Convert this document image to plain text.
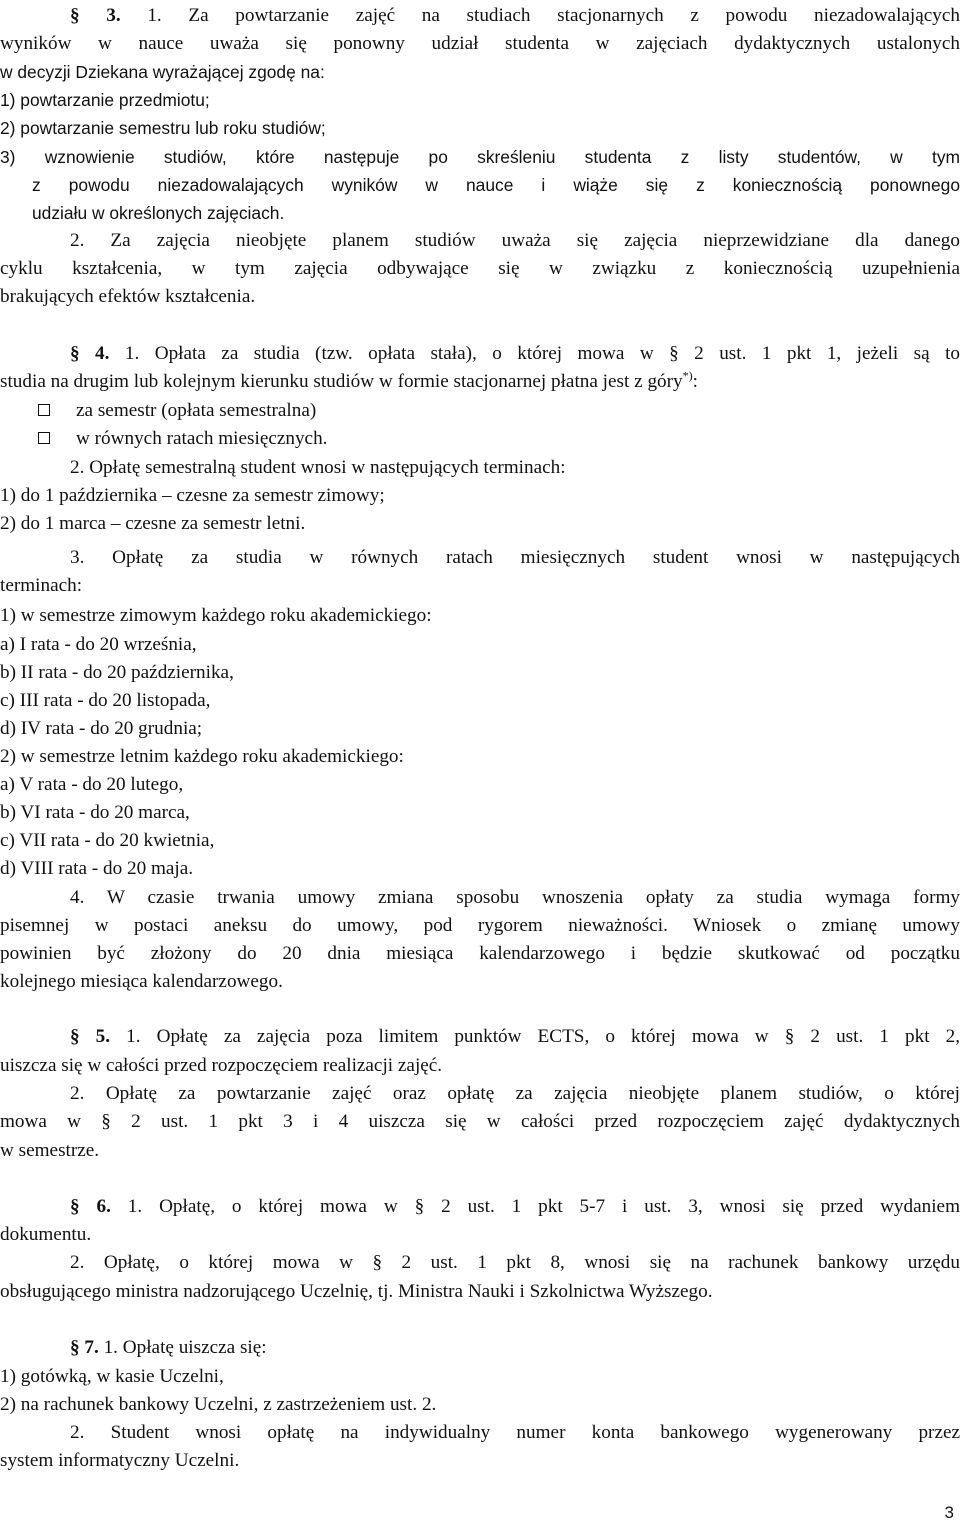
§ 3. 1. Za powtarzanie zajęć na studiach stacjonarnych z powodu niezadowalających
wyników w nauce uważa się ponowny udział studenta w zajęciach dydaktycznych ustalonych
w decyzji Dziekana wyrażającej zgodę na:
1) powtarzanie przedmiotu;
2) powtarzanie semestru lub roku studiów;
3) wznowienie studiów, które następuje po skreśleniu studenta z listy studentów, w tym
z powodu niezadowalających wyników w nauce i wiąże się z koniecznością ponownego
udziału w określonych zajęciach.
2. Za zajęcia nieobjęte planem studiów uważa się zajęcia nieprzewidziane dla danego
cyklu kształcenia, w tym zajęcia odbywające się w związku z koniecznością uzupełnienia
brakujących efektów kształcenia.
§ 4. 1. Opłata za studia (tzw. opłata stała), o której mowa w § 2 ust. 1 pkt 1, jeżeli są to
studia na drugim lub kolejnym kierunku studiów w formie stacjonarnej płatna jest z góry*):
za semestr (opłata semestralna)
w równych ratach miesięcznych.
2. Opłatę semestralną student wnosi w następujących terminach:
1) do 1 października – czesne za semestr zimowy;
2) do 1 marca – czesne za semestr letni.
3. Opłatę za studia w równych ratach miesięcznych student wnosi w następujących
terminach:
1) w semestrze zimowym każdego roku akademickiego:
a) I rata - do 20 września,
b) II rata - do 20 października,
c) III rata - do 20 listopada,
d) IV rata - do 20 grudnia;
2) w semestrze letnim każdego roku akademickiego:
a) V rata - do 20 lutego,
b) VI rata - do 20 marca,
c) VII rata - do 20 kwietnia,
d) VIII rata - do 20 maja.
4. W czasie trwania umowy zmiana sposobu wnoszenia opłaty za studia wymaga formy
pisemnej w postaci aneksu do umowy, pod rygorem nieważności. Wniosek o zmianę umowy
powinien być złożony do 20 dnia miesiąca kalendarzowego i będzie skutkować od początku
kolejnego miesiąca kalendarzowego.
§ 5. 1. Opłatę za zajęcia poza limitem punktów ECTS, o której mowa w § 2 ust. 1 pkt 2,
uiszcza się w całości przed rozpoczęciem realizacji zajęć.
2. Opłatę za powtarzanie zajęć oraz opłatę za zajęcia nieobjęte planem studiów, o której
mowa w § 2 ust. 1 pkt 3 i 4 uiszcza się w całości przed rozpoczęciem zajęć dydaktycznych
w semestrze.
§ 6. 1. Opłatę, o której mowa w § 2 ust. 1 pkt 5-7 i ust. 3, wnosi się przed wydaniem
dokumentu.
2. Opłatę, o której mowa w § 2 ust. 1 pkt 8, wnosi się na rachunek bankowy urzędu
obsługującego ministra nadzorującego Uczelnię, tj. Ministra Nauki i Szkolnictwa Wyższego.
§ 7. 1. Opłatę uiszcza się:
1) gotówką, w kasie Uczelni,
2) na rachunek bankowy Uczelni, z zastrzeżeniem ust. 2.
2. Student wnosi opłatę na indywidualny numer konta bankowego wygenerowany przez
system informatyczny Uczelni.
3
